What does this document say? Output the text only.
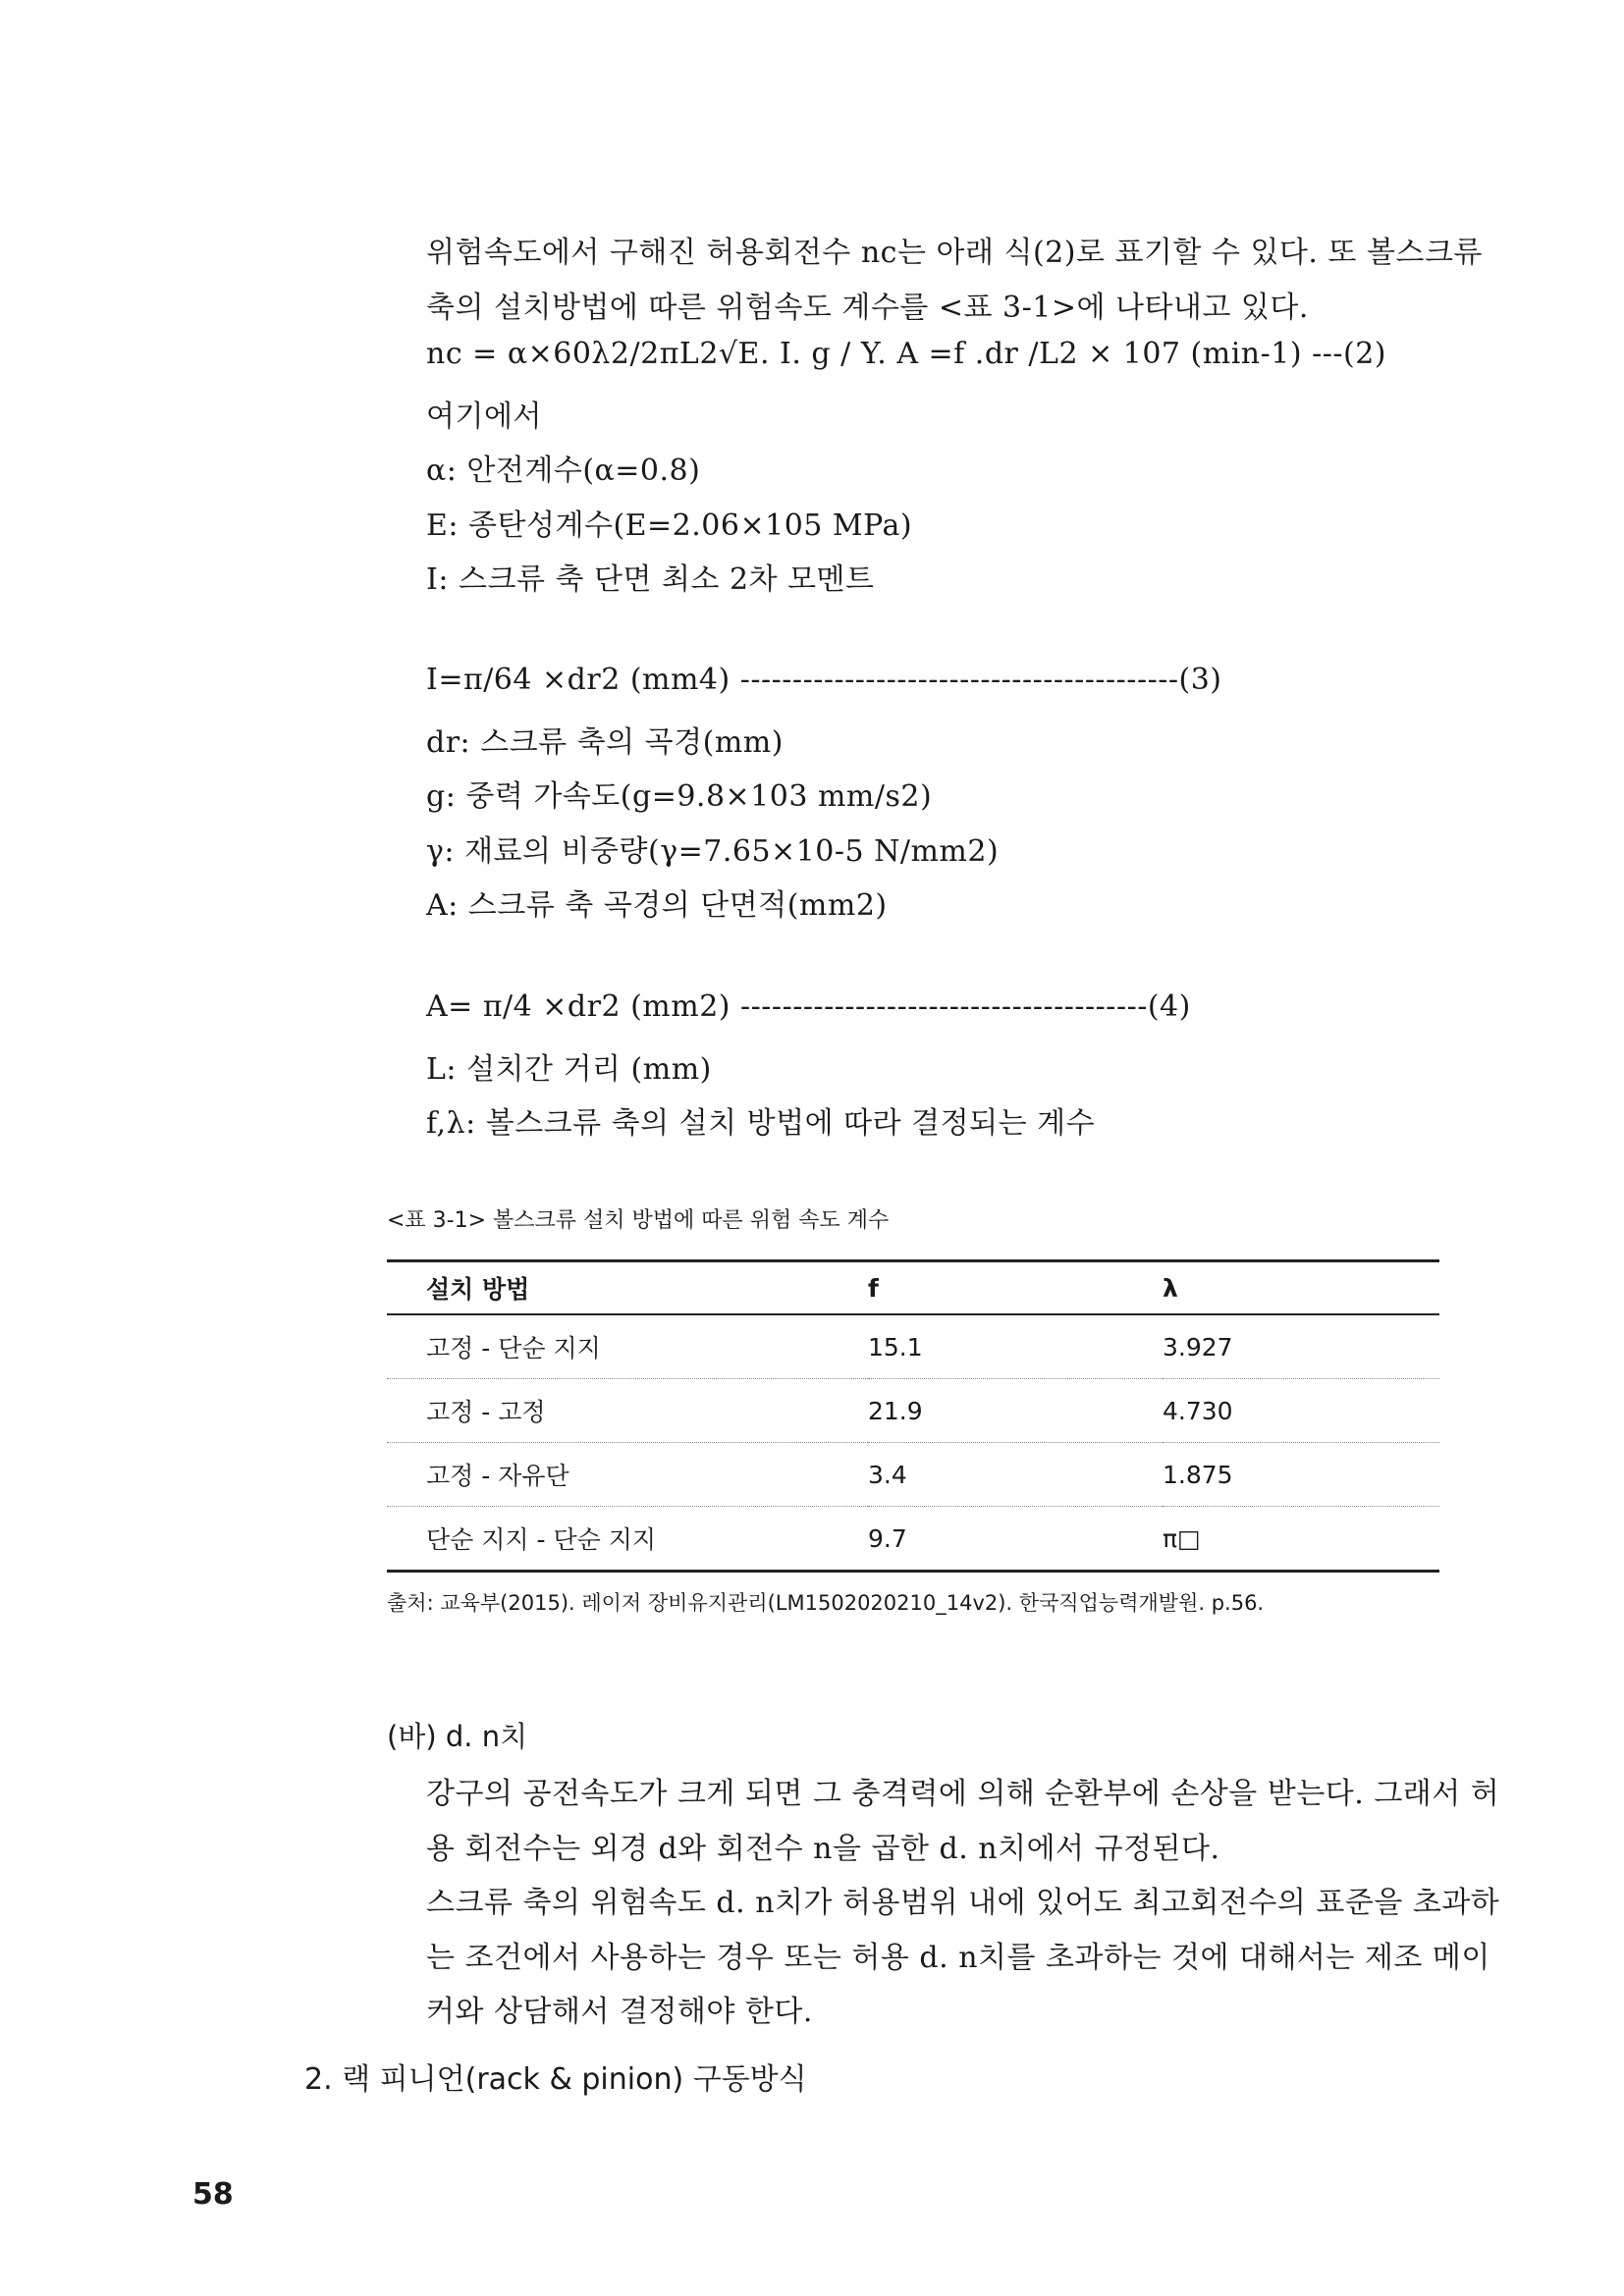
위험속도에서 구해진 허용회전수 nc는 아래 식(2)로 표기할 수 있다. 또 볼스크류
축의 설치방법에 따른 위험속도 계수를 <표 3-1>에 나타내고 있다.
nc = α×60λ2/2πL2√E. I. g / Y. A =f .dr /L2 × 107 (min-1) ---(2)
여기에서
α: 안전계수(α=0.8)
E: 종탄성계수(E=2.06×105 MPa)
I: 스크류 축 단면 최소 2차 모멘트
I=π/64 ×dr2 (mm4) ------------------------------------------(3)
dr: 스크류 축의 곡경(mm)
g: 중력 가속도(g=9.8×103 mm/s2)
γ: 재료의 비중량(γ=7.65×10-5 N/mm2)
A: 스크류 축 곡경의 단면적(mm2)
A= π/4 ×dr2 (mm2) ---------------------------------------(4)
L: 설치간 거리 (mm)
f,λ: 볼스크류 축의 설치 방법에 따라 결정되는 계수
<표 3-1> 볼스크류 설치 방법에 따른 위험 속도 계수
설치 방법	f	λ
고정 - 단순 지지	15.1	3.927
고정 - 고정	21.9	4.730
고정 - 자유단	3.4	1.875
단순 지지 - 단순 지지	9.7	π□
출처: 교육부(2015). 레이저 장비유지관리(LM1502020210_14v2). 한국직업능력개발원. p.56.
(바) d. n치
강구의 공전속도가 크게 되면 그 충격력에 의해 순환부에 손상을 받는다. 그래서 허
용 회전수는 외경 d와 회전수 n을 곱한 d. n치에서 규정된다.
스크류 축의 위험속도 d. n치가 허용범위 내에 있어도 최고회전수의 표준을 초과하
는 조건에서 사용하는 경우 또는 허용 d. n치를 초과하는 것에 대해서는 제조 메이
커와 상담해서 결정해야 한다.
2. 랙 피니언(rack & pinion) 구동방식
58
